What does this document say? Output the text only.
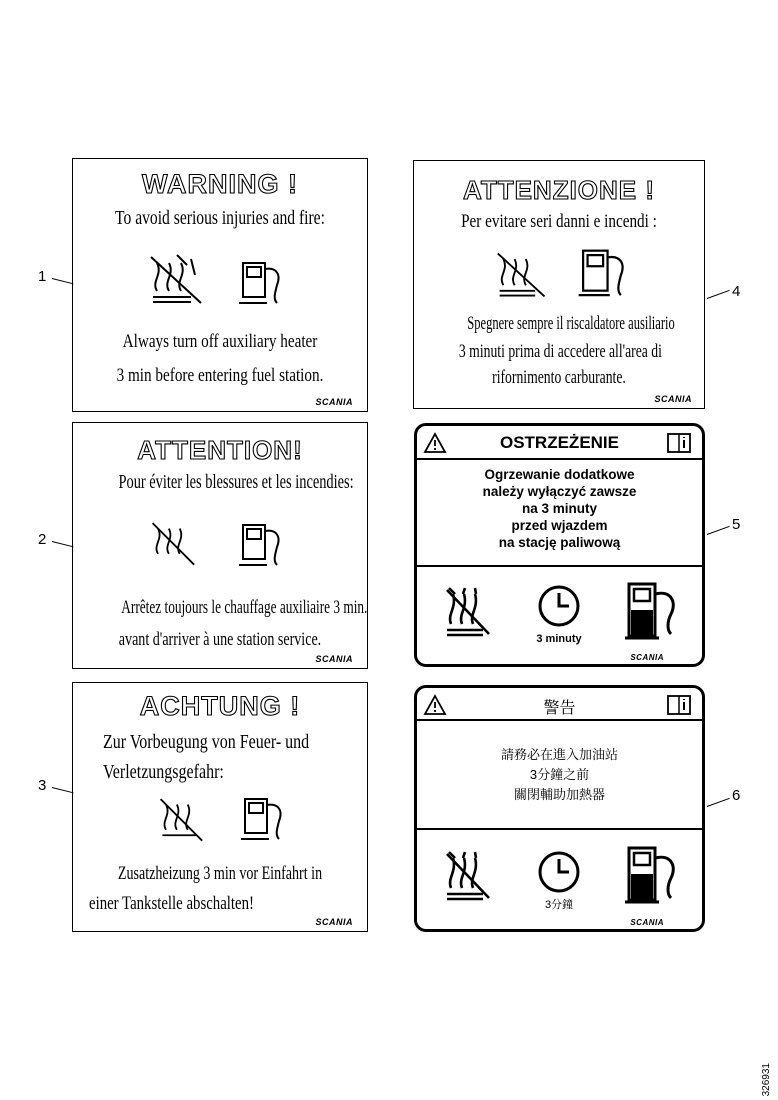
WARNING !
To avoid serious injuries and fire:
Always turn off auxiliary heater
3 min before entering fuel station.
SCANIA
1
ATTENTION!
Pour éviter les blessures et les incendies:
Arrêtez toujours le chauffage auxiliaire 3 min.
avant d'arriver à une station service.
SCANIA
2
ACHTUNG !
Zur Vorbeugung von Feuer- und
Verletzungsgefahr:
Zusatzheizung 3 min vor Einfahrt in
einer Tankstelle abschalten!
SCANIA
3
ATTENZIONE !
Per evitare seri danni e incendi :
Spegnere sempre il riscaldatore ausiliario
3 minuti prima di accedere all'area di
rifornimento carburante.
SCANIA
4
OSTRZEŻENIE
Ogrzewanie dodatkowe
należy wyłączyć zawsze
na 3 minuty
przed wjazdem
na stację paliwową
3 minuty
SCANIA
5
警告
請務必在進入加油站
3分鐘之前
關閉輔助加熱器
3分鐘
SCANIA
6
326931
